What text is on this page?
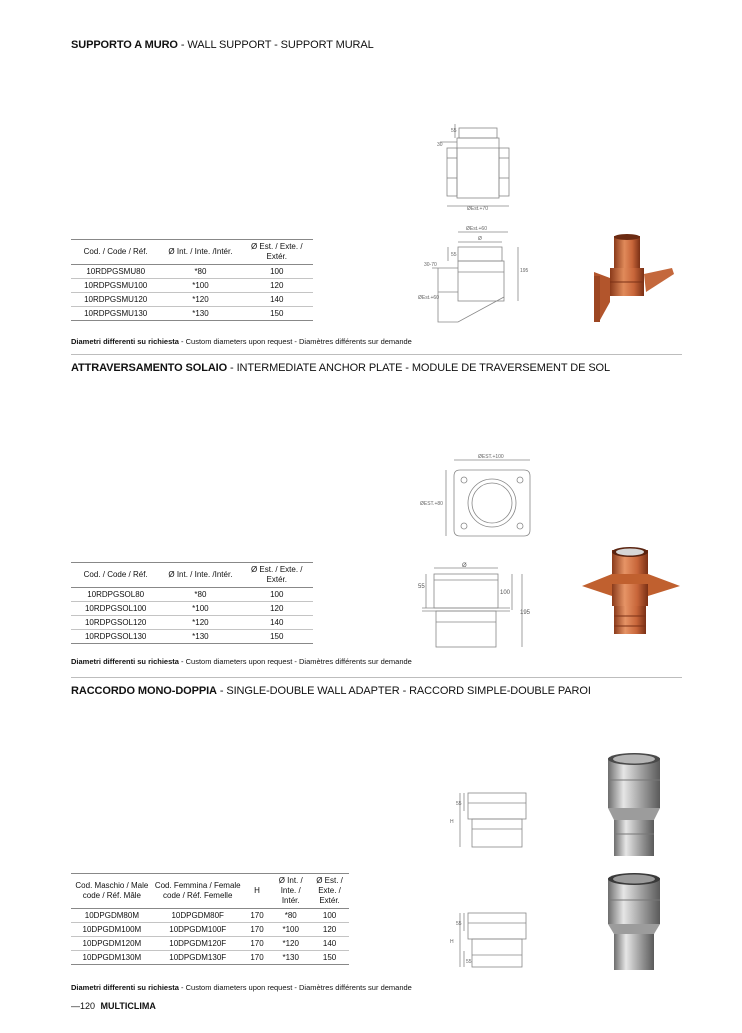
SUPPORTO A MURO - WALL SUPPORT - SUPPORT MURAL
55
30
ØEst.+70
ØEst.+60
Ø
55
30-70
195
ØEst.+60
Cod. / Code / Réf.	Ø Int. / Inte. /Intér.	Ø Est. / Exte. / Extér.
10RDPGSMU80	*80	100
10RDPGSMU100	*100	120
10RDPGSMU120	*120	140
10RDPGSMU130	*130	150
Diametri differenti su richiesta - Custom diameters upon request - Diamètres différents sur demande
ATTRAVERSAMENTO SOLAIO - INTERMEDIATE ANCHOR PLATE - MODULE DE TRAVERSEMENT DE SOL
ØEST.+100
ØEST.+80
Ø
55
100
195
Cod. / Code / Réf.	Ø Int. / Inte. /Intér.	Ø Est. / Exte. / Extér.
10RDPGSOL80	*80	100
10RDPGSOL100	*100	120
10RDPGSOL120	*120	140
10RDPGSOL130	*130	150
Diametri differenti su richiesta - Custom diameters upon request - Diamètres différents sur demande
RACCORDO MONO-DOPPIA - SINGLE-DOUBLE WALL ADAPTER - RACCORD SIMPLE-DOUBLE PAROI
55
H
55
H
55
Cod. Maschio / Male code / Réf. Mâle	Cod. Femmina / Female code / Réf. Femelle	H	Ø Int. / Inte. / Intér.	Ø Est. / Exte. / Extér.
10DPGDM80M	10DPGDM80F	170	*80	100
10DPGDM100M	10DPGDM100F	170	*100	120
10DPGDM120M	10DPGDM120F	170	*120	140
10DPGDM130M	10DPGDM130F	170	*130	150
Diametri differenti su richiesta - Custom diameters upon request - Diamètres différents sur demande
—120 MULTICLIMA
